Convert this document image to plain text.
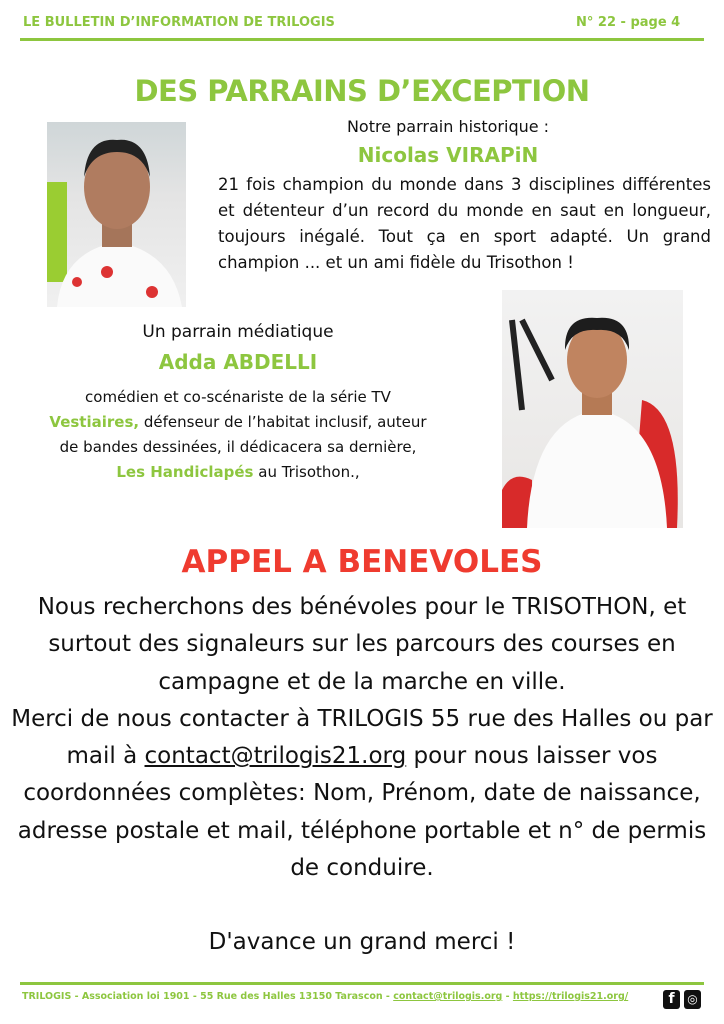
LE BULLETIN D’INFORMATION DE TRILOGIS	N° 22 - page 4
DES PARRAINS D’EXCEPTION
Notre parrain historique :
Nicolas VIRAPiN
21 fois champion du monde dans 3 disciplines différentes et détenteur d’un record du monde en saut en longueur, toujours inégalé. Tout ça en sport adapté. Un grand champion ... et un ami fidèle du Trisothon !
Un parrain médiatique
Adda ABDELLI
comédien et co-scénariste de la série TV
Vestiaires, défenseur de l’habitat inclusif, auteur
de bandes dessinées, il dédicacera sa dernière,
Les Handiclapés au Trisothon.,
APPEL A BENEVOLES
Nous recherchons des bénévoles pour le TRISOTHON, et surtout des signaleurs sur les parcours des courses en campagne et de la marche en ville.
Merci de nous contacter à TRILOGIS 55 rue des Halles ou par mail à contact@trilogis21.org pour nous laisser vos coordonnées complètes: Nom, Prénom, date de naissance, adresse postale et mail, téléphone portable et n° de permis de conduire.
D'avance un grand merci !
TRILOGIS - Association loi 1901 - 55 Rue des Halles 13150 Tarascon - contact@trilogis.org - https://trilogis21.org/	f	◎
